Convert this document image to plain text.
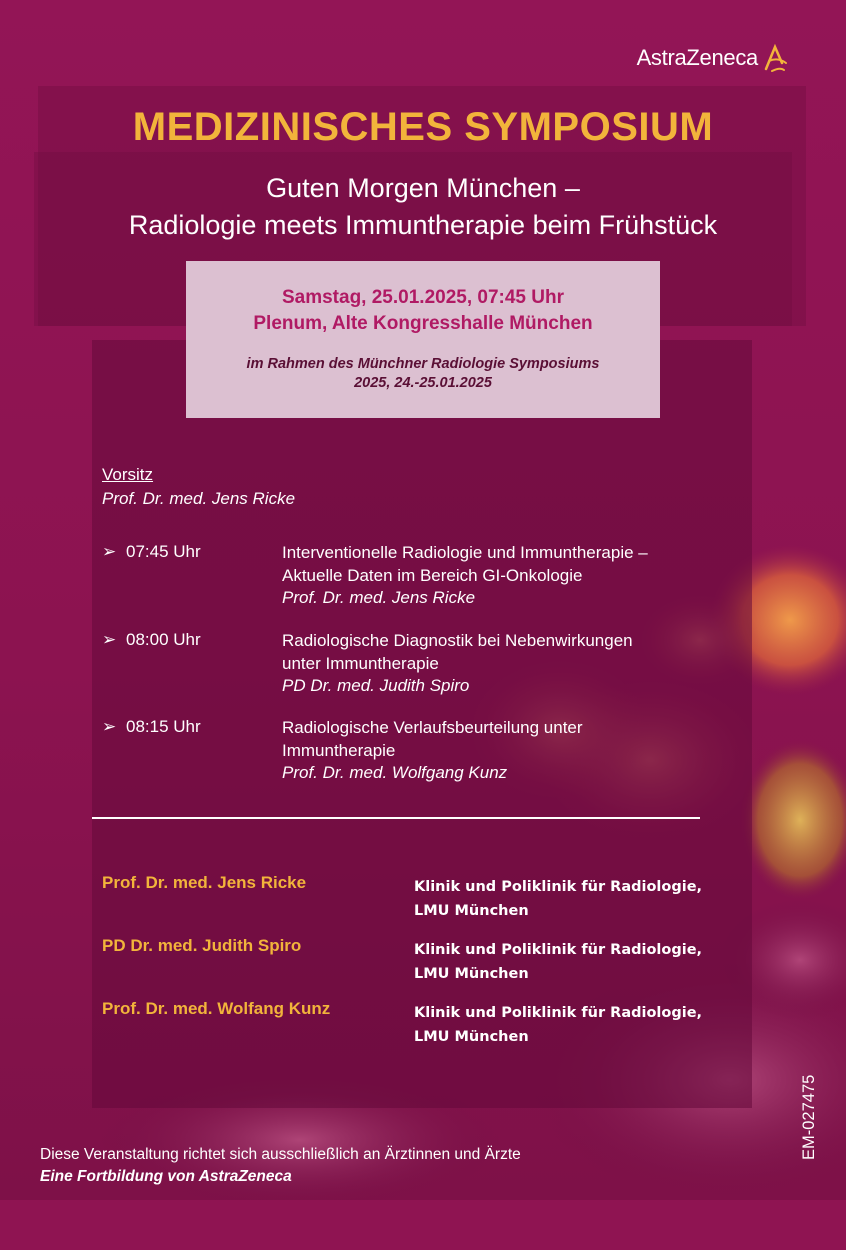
AstraZeneca
MEDIZINISCHES SYMPOSIUM
Guten Morgen München –
Radiologie meets Immuntherapie beim Frühstück
Samstag, 25.01.2025, 07:45 Uhr
Plenum, Alte Kongresshalle München
im Rahmen des Münchner Radiologie Symposiums
2025, 24.-25.01.2025
Vorsitz
Prof. Dr. med. Jens Ricke
➢ 07:45 Uhr	Interventionelle Radiologie und Immuntherapie –
Aktuelle Daten im Bereich GI-Onkologie
Prof. Dr. med. Jens Ricke
➢ 08:00 Uhr	Radiologische Diagnostik bei Nebenwirkungen
unter Immuntherapie
PD Dr. med. Judith Spiro
➢ 08:15 Uhr	Radiologische Verlaufsbeurteilung unter
Immuntherapie
Prof. Dr. med. Wolfgang Kunz
Prof. Dr. med. Jens Ricke	Klinik und Poliklinik für Radiologie,
LMU München
PD Dr. med. Judith Spiro	Klinik und Poliklinik für Radiologie,
LMU München
Prof. Dr. med. Wolfang Kunz	Klinik und Poliklinik für Radiologie,
LMU München
EM-027475
Diese Veranstaltung richtet sich ausschließlich an Ärztinnen und Ärzte
Eine Fortbildung von AstraZeneca
